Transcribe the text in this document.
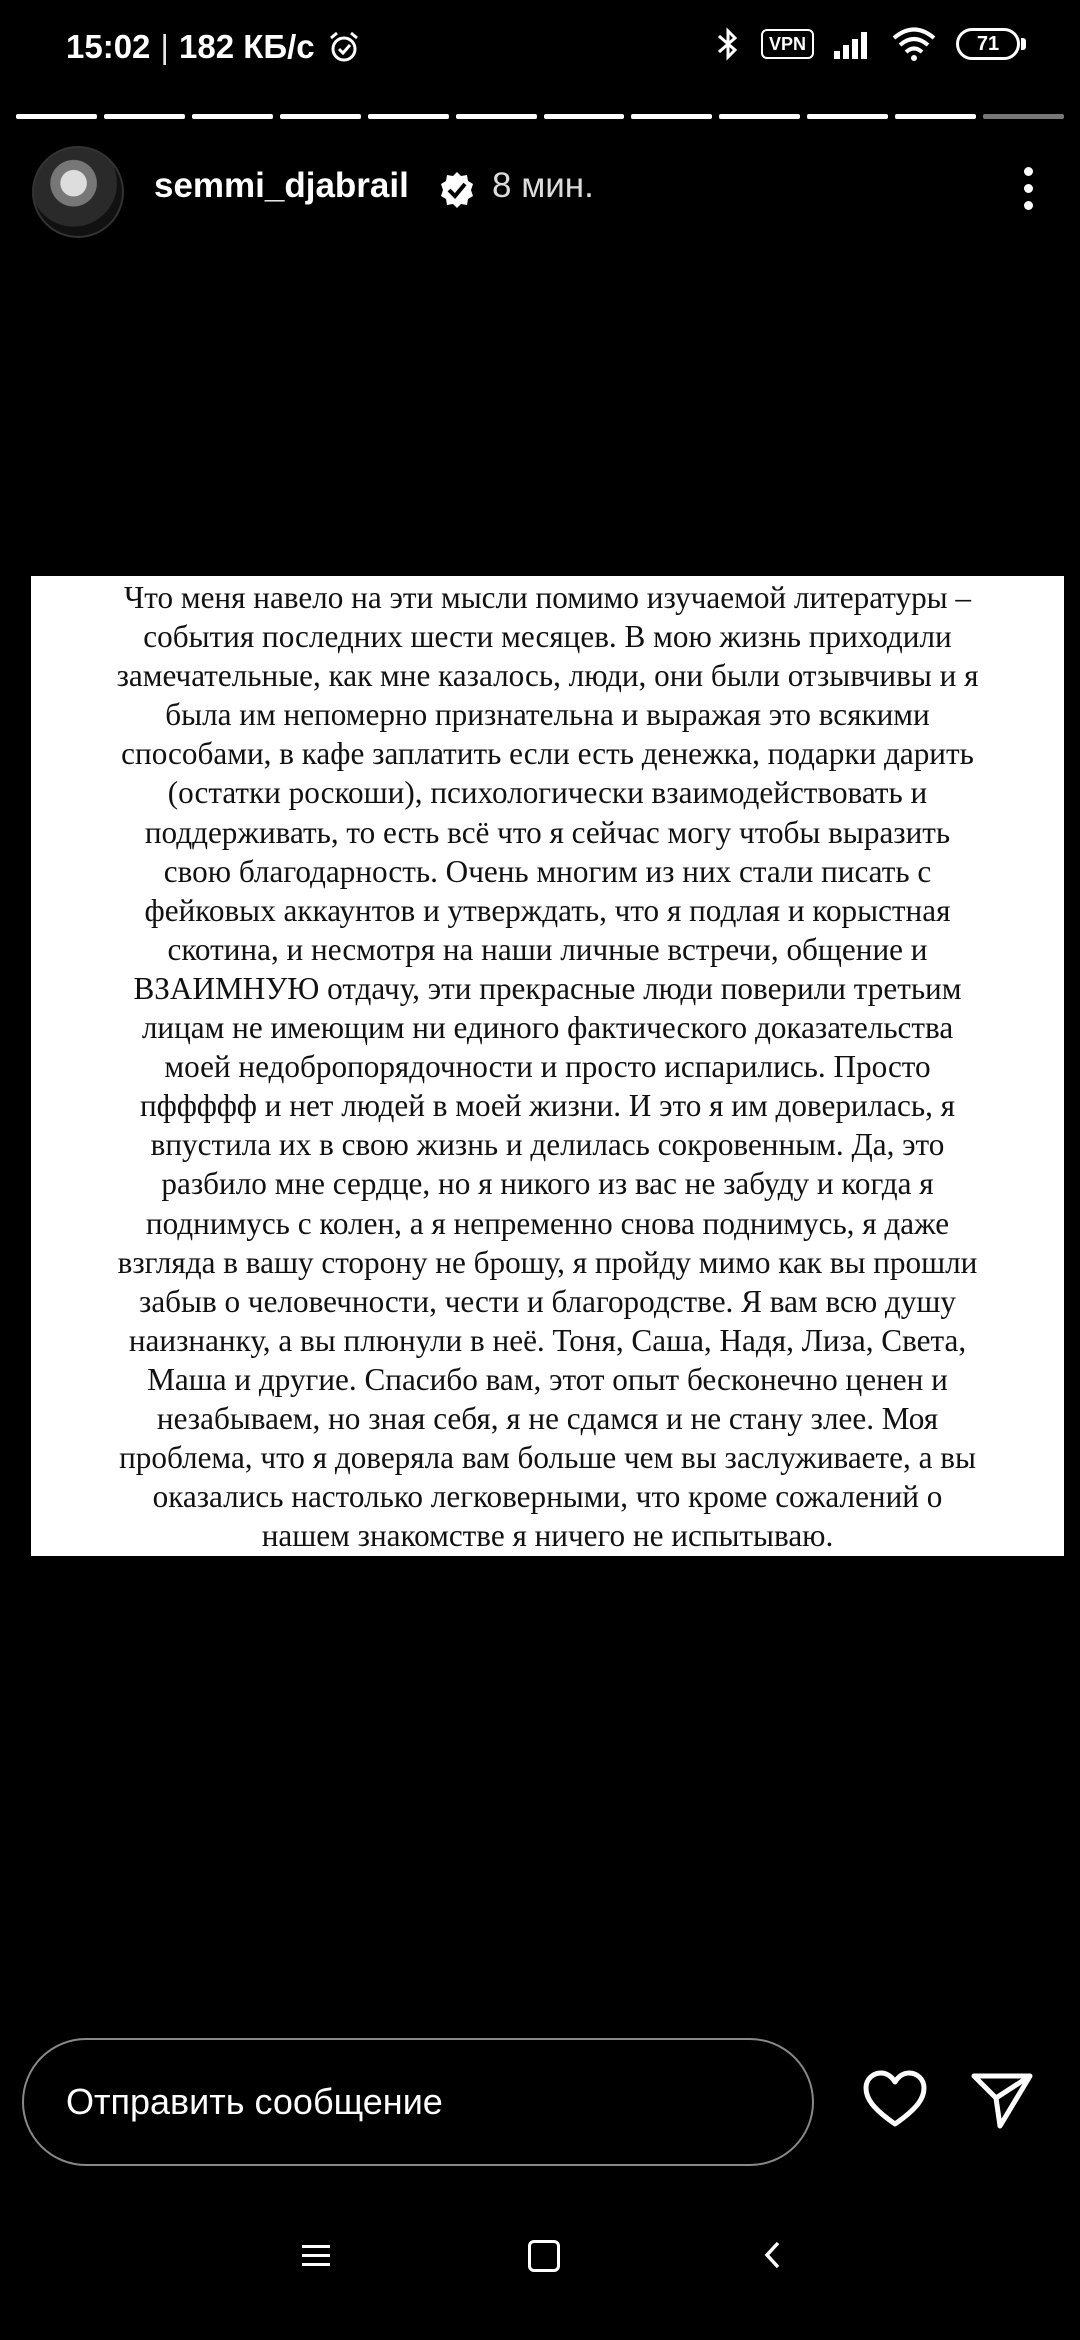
15:02 | 182 КБ/с	VPN	71
semmi_djabrail 8 мин.
Что меня навело на эти мысли помимо изучаемой литературы –
события последних шести месяцев. В мою жизнь приходили
замечательные, как мне казалось, люди, они были отзывчивы и я
была им непомерно признательна и выражая это всякими
способами, в кафе заплатить если есть денежка, подарки дарить
(остатки роскоши), психологически взаимодействовать и
поддерживать, то есть всё что я сейчас могу чтобы выразить
свою благодарность. Очень многим из них стали писать с
фейковых аккаунтов и утверждать, что я подлая и корыстная
скотина, и несмотря на наши личные встречи, общение и
ВЗАИМНУЮ отдачу, эти прекрасные люди поверили третьим
лицам не имеющим ни единого фактического доказательства
моей недобропорядочности и просто испарились. Просто
пффффф и нет людей в моей жизни. И это я им доверилась, я
впустила их в свою жизнь и делилась сокровенным. Да, это
разбило мне сердце, но я никого из вас не забуду и когда я
поднимусь с колен, а я непременно снова поднимусь, я даже
взгляда в вашу сторону не брошу, я пройду мимо как вы прошли
забыв о человечности, чести и благородстве. Я вам всю душу
наизнанку, а вы плюнули в неё. Тоня, Саша, Надя, Лиза, Света,
Маша и другие. Спасибо вам, этот опыт бесконечно ценен и
незабываем, но зная себя, я не сдамся и не стану злее. Моя
проблема, что я доверяла вам больше чем вы заслуживаете, а вы
оказались настолько легковерными, что кроме сожалений о
нашем знакомстве я ничего не испытываю.
Отправить сообщение
